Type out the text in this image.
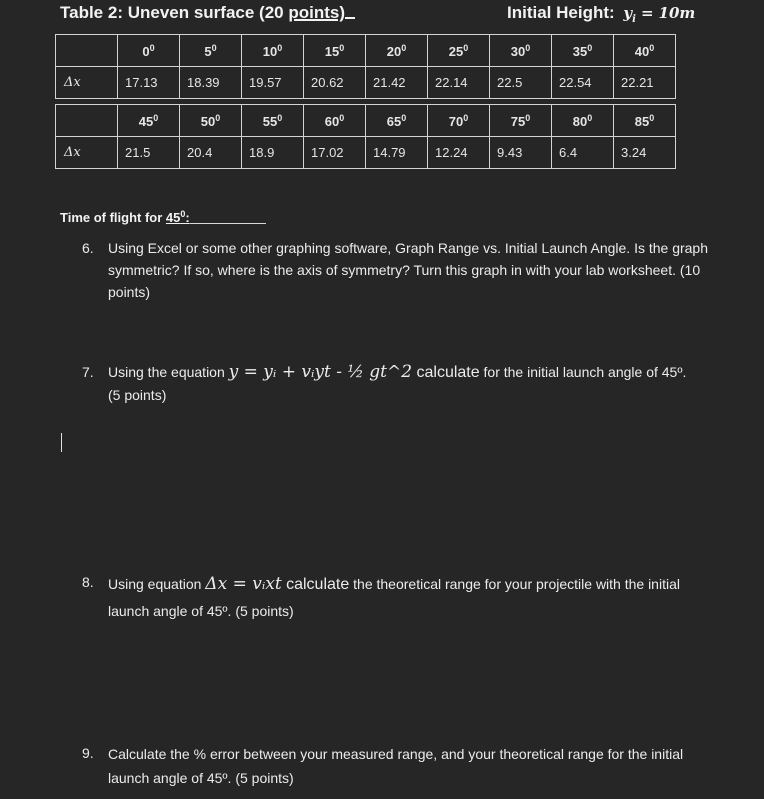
Table 2: Uneven surface (20 points)	Initial Height: $y_i = 10m$
	$0^0$	$5^0$	$10^0$	$15^0$	$20^0$	$25^0$	$30^0$	$35^0$	$40^0$
Δx	17.13	18.39	19.57	20.62	21.42	22.14	22.5	22.54	22.21
	$45^0$	$50^0$	$55^0$	$60^0$	$65^0$	$70^0$	$75^0$	$80^0$	$85^0$
Δx	21.5	20.4	18.9	17.02	14.79	12.24	9.43	6.4	3.24
Time of flight for $45^0$:
6. Using Excel or some other graphing software, Graph Range vs. Initial Launch Angle. Is the graph symmetric? If so, where is the axis of symmetry? Turn this graph in with your lab worksheet. (10 points)
7. Using the equation y = yᵢ + vᵢyt - ½ gt^2 calculate for the initial launch angle of 45º.
(5 points)
8. Using equation Δx = vᵢxt calculate the theoretical range for your projectile with the initial launch angle of 45º. (5 points)
9. Calculate the % error between your measured range, and your theoretical range for the initial launch angle of 45º. (5 points)
